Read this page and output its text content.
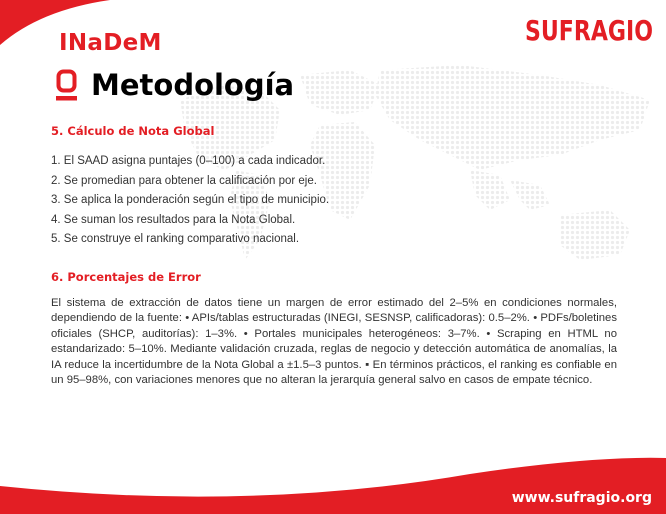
INaDeM
Metodología
SUFRAGIO
5. Cálculo de Nota Global
1. El SAAD asigna puntajes (0–100) a cada indicador.
2. Se promedian para obtener la calificación por eje.
3. Se aplica la ponderación según el tipo de municipio.
4. Se suman los resultados para la Nota Global.
5. Se construye el ranking comparativo nacional.
6. Porcentajes de Error

El sistema de extracción de datos tiene un margen de error estimado del 2–5% en condiciones normales, dependiendo de la fuente: • APIs/tablas estructuradas (INEGI, SESNSP, calificadoras): 0.5–2%. • PDFs/boletines oficiales (SHCP, auditorías): 1–3%. • Portales municipales heterogéneos: 3–7%. • Scraping en HTML no estandarizado: 5–10%. Mediante validación cruzada, reglas de negocio y detección automática de anomalías, la IA reduce la incertidumbre de la Nota Global a ±1.5–3 puntos. ▪ En términos prácticos, el ranking es confiable en un 95–98%, con variaciones menores que no alteran la jerarquía general salvo en casos de empate técnico.

www.sufragio.org
